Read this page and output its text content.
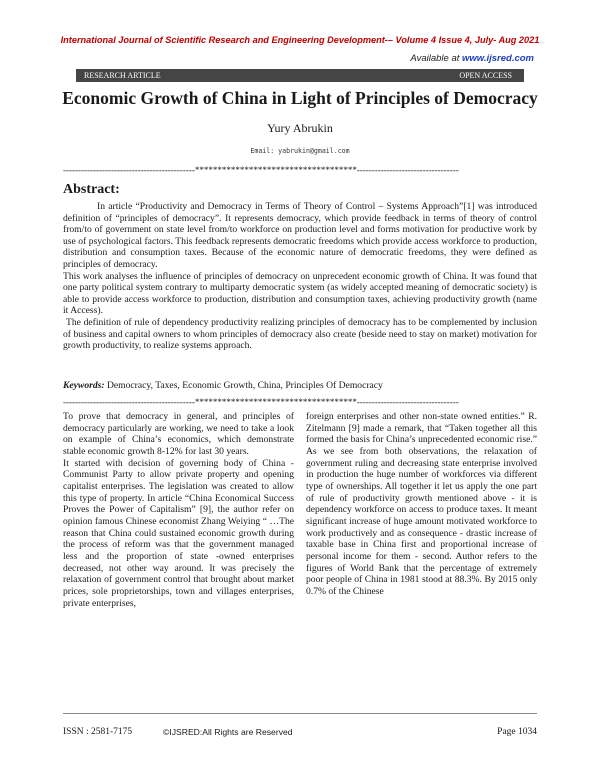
International Journal of Scientific Research and Engineering Development-– Volume 4 Issue 4, July- Aug 2021
Available at www.ijsred.com
RESEARCH ARTICLE	OPEN ACCESS
Economic Growth of China in Light of Principles of Democracy
Yury Abrukin
Email: yabrukin@gmail.com
--------------------------------------------************************************----------------------------------
Abstract:

In article “Productivity and Democracy in Terms of Theory of Control – Systems Approach”[1] was introduced definition of “principles of democracy”. It represents democracy, which provide feedback in terms of theory of control from/to of government on state level from/to workforce on production level and forms motivation for productive work by use of psychological factors. This feedback represents democratic freedoms which provide access workforce to production, distribution and consumption taxes. Because of the economic nature of democratic freedoms, they were defined as principles of democracy.

This work analyses the influence of principles of democracy on unprecedent economic growth of China. It was found that one party political system contrary to multiparty democratic system (as widely accepted meaning of democratic society) is able to provide access workforce to production, distribution and consumption taxes, achieving productivity growth (name it Access).

The definition of rule of dependency productivity realizing principles of democracy has to be complemented by inclusion of business and capital owners to whom principles of democracy also create (beside need to stay on market) motivation for growth productivity, to realize systems approach.

Keywords: Democracy, Taxes, Economic Growth, China, Principles Of Democracy
--------------------------------------------************************************----------------------------------

To prove that democracy in general, and principles of democracy particularly are working, we need to take a look on example of China’s economics, which demonstrate stable economic growth 8-12% for last 30 years.

It started with decision of governing body of China - Communist Party to allow private property and opening capitalist enterprises. The legislation was created to allow this type of property. In article “China Economical Success Proves the Power of Capitalism” [9], the author refer on opinion famous Chinese economist Zhang Weiying “ …The reason that China could sustained economic growth during the process of reform was that the government managed less and the proportion of state -owned enterprises decreased, not other way around. It was precisely the relaxation of government control that brought about market prices, sole proprietorships, town and villages enterprises, private enterprises,

foreign enterprises and other non-state owned entities.” R. Zitelmann [9] made a remark, that “Taken together all this formed the basis for China’s unprecedented economic rise.” As we see from both observations, the relaxation of government ruling and decreasing state enterprise involved in production the huge number of workforces via different type of ownerships. All together it let us apply the one part of rule of productivity growth mentioned above - it is dependency workforce on access to produce taxes. It meant significant increase of huge amount motivated workforce to work productively and as consequence - drastic increase of taxable base in China first and proportional increase of personal income for them - second. Author refers to the figures of World Bank that the percentage of extremely poor people of China in 1981 stood at 88.3%. By 2015 only 0.7% of the Chinese

ISSN : 2581-7175	©IJSRED:All Rights are Reserved	Page 1034
